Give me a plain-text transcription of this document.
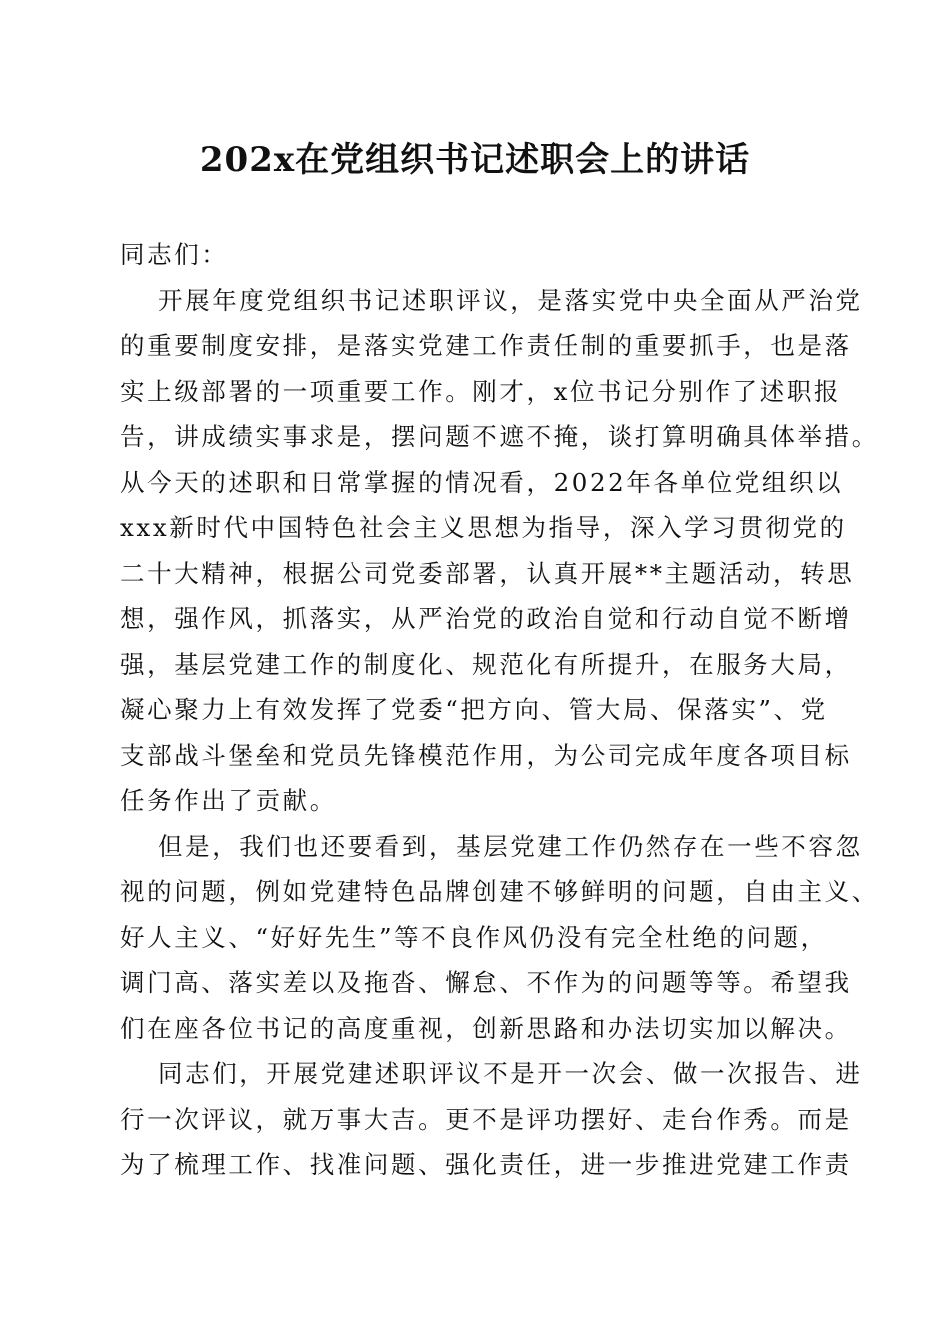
202x在党组织书记述职会上的讲话
同志们：
开展年度党组织书记述职评议，是落实党中央全面从严治党
的重要制度安排，是落实党建工作责任制的重要抓手，也是落
实上级部署的一项重要工作。刚才，x位书记分别作了述职报
告，讲成绩实事求是，摆问题不遮不掩，谈打算明确具体举措。
从今天的述职和日常掌握的情况看，2022年各单位党组织以
xxx新时代中国特色社会主义思想为指导，深入学习贯彻党的
二十大精神，根据公司党委部署，认真开展**主题活动，转思
想，强作风，抓落实，从严治党的政治自觉和行动自觉不断增
强，基层党建工作的制度化、规范化有所提升，在服务大局，
凝心聚力上有效发挥了党委“把方向、管大局、保落实”、党
支部战斗堡垒和党员先锋模范作用，为公司完成年度各项目标
任务作出了贡献。
但是，我们也还要看到，基层党建工作仍然存在一些不容忽
视的问题，例如党建特色品牌创建不够鲜明的问题，自由主义、
好人主义、“好好先生”等不良作风仍没有完全杜绝的问题，
调门高、落实差以及拖沓、懈怠、不作为的问题等等。希望我
们在座各位书记的高度重视，创新思路和办法切实加以解决。
同志们，开展党建述职评议不是开一次会、做一次报告、进
行一次评议，就万事大吉。更不是评功摆好、走台作秀。而是
为了梳理工作、找准问题、强化责任，进一步推进党建工作责
